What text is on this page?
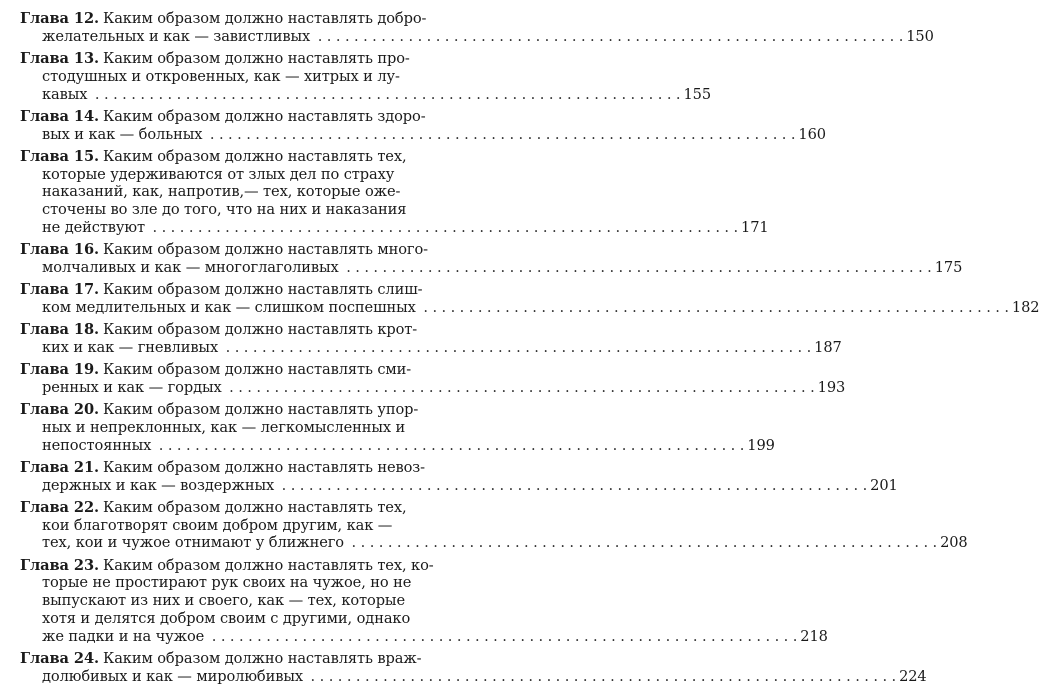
Глава 12. Каким образом должно наставлять добро-
желательных и как — завистливых . . .	150
Глава 13. Каким образом должно наставлять про-
стодушных и откровенных, как — хитрых и лу-
кавых . . .	155
Глава 14. Каким образом должно наставлять здоро-
вых и как — больных . . .	160
Глава 15. Каким образом должно наставлять тех,
которые удерживаются от злых дел по страху
наказаний, как, напротив,— тех, которые оже-
сточены во зле до того, что на них и наказания
не действуют . . .	171
Глава 16. Каким образом должно наставлять много-
молчаливых и как — многоглаголивых . . .	175
Глава 17. Каким образом должно наставлять слиш-
ком медлительных и как — слишком поспешных . . .	182
Глава 18. Каким образом должно наставлять крот-
ких и как — гневливых . . .	187
Глава 19. Каким образом должно наставлять сми-
ренных и как — гордых . . .	193
Глава 20. Каким образом должно наставлять упор-
ных и непреклонных, как — легкомысленных и
непостоянных . . .	199
Глава 21. Каким образом должно наставлять невоз-
держных и как — воздержных . . .	201
Глава 22. Каким образом должно наставлять тех,
кои благотворят своим добром другим, как —
тех, кои и чужое отнимают у ближнего . . .	208
Глава 23. Каким образом должно наставлять тех, ко-
торые не простирают рук своих на чужое, но не
выпускают из них и своего, как — тех, которые
хотя и делятся добром своим с другими, однако
же падки и на чужое . . .	218
Глава 24. Каким образом должно наставлять враж-
долюбивых и как — миролюбивых . . .	224
